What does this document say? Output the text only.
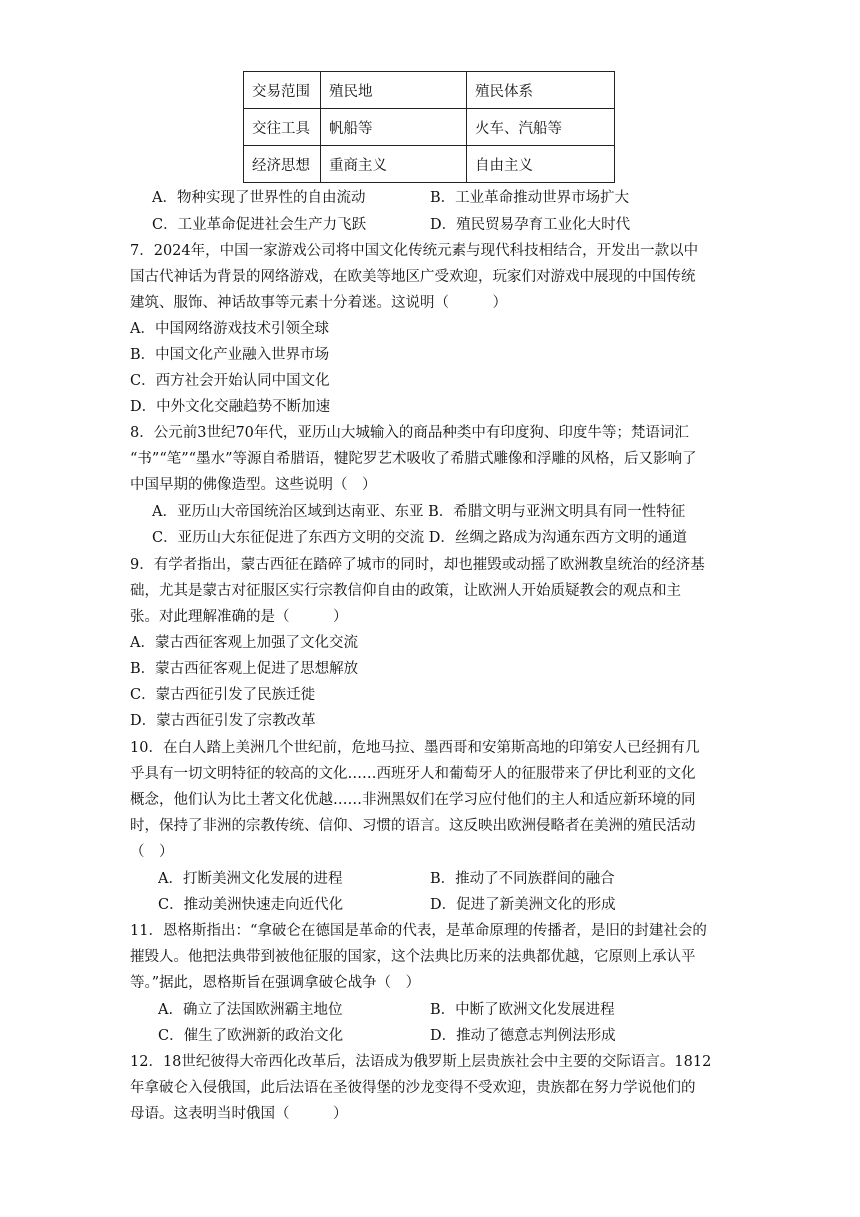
交易范围	殖民地	殖民体系
交往工具	帆船等	火车、汽船等
经济思想	重商主义	自由主义
A．物种实现了世界性的自由流动	B．工业革命推动世界市场扩大
C．工业革命促进社会生产力飞跃	D．殖民贸易孕育工业化大时代
7．2024年，中国一家游戏公司将中国文化传统元素与现代科技相结合，开发出一款以中
国古代神话为背景的网络游戏，在欧美等地区广受欢迎，玩家们对游戏中展现的中国传统
建筑、服饰、神话故事等元素十分着迷。这说明（　　　）
A．中国网络游戏技术引领全球
B．中国文化产业融入世界市场
C．西方社会开始认同中国文化
D．中外文化交融趋势不断加速
8．公元前3世纪70年代，亚历山大城输入的商品种类中有印度狗、印度牛等；梵语词汇
“书”“笔”“墨水”等源自希腊语，犍陀罗艺术吸收了希腊式雕像和浮雕的风格，后又影响了
中国早期的佛像造型。这些说明（　）
A．亚历山大帝国统治区域到达南亚、东亚 B．希腊文明与亚洲文明具有同一性特征
C．亚历山大东征促进了东西方文明的交流 D．丝绸之路成为沟通东西方文明的通道
9．有学者指出，蒙古西征在踏碎了城市的同时，却也摧毁或动摇了欧洲教皇统治的经济基
础，尤其是蒙古对征服区实行宗教信仰自由的政策，让欧洲人开始质疑教会的观点和主
张。对此理解准确的是（　　　）
A．蒙古西征客观上加强了文化交流
B．蒙古西征客观上促进了思想解放
C．蒙古西征引发了民族迁徙
D．蒙古西征引发了宗教改革
10．在白人踏上美洲几个世纪前，危地马拉、墨西哥和安第斯高地的印第安人已经拥有几
乎具有一切文明特征的较高的文化……西班牙人和葡萄牙人的征服带来了伊比利亚的文化
概念，他们认为比土著文化优越……非洲黑奴们在学习应付他们的主人和适应新环境的同
时，保持了非洲的宗教传统、信仰、习惯的语言。这反映出欧洲侵略者在美洲的殖民活动
（　）
A．打断美洲文化发展的进程	B．推动了不同族群间的融合
C．推动美洲快速走向近代化	D．促进了新美洲文化的形成
11．恩格斯指出：“拿破仑在德国是革命的代表，是革命原理的传播者，是旧的封建社会的
摧毁人。他把法典带到被他征服的国家，这个法典比历来的法典都优越，它原则上承认平
等。”据此，恩格斯旨在强调拿破仑战争（　）
A．确立了法国欧洲霸主地位	B．中断了欧洲文化发展进程
C．催生了欧洲新的政治文化	D．推动了德意志判例法形成
12．18世纪彼得大帝西化改革后，法语成为俄罗斯上层贵族社会中主要的交际语言。1812
年拿破仑入侵俄国，此后法语在圣彼得堡的沙龙变得不受欢迎，贵族都在努力学说他们的
母语。这表明当时俄国（　　　）
